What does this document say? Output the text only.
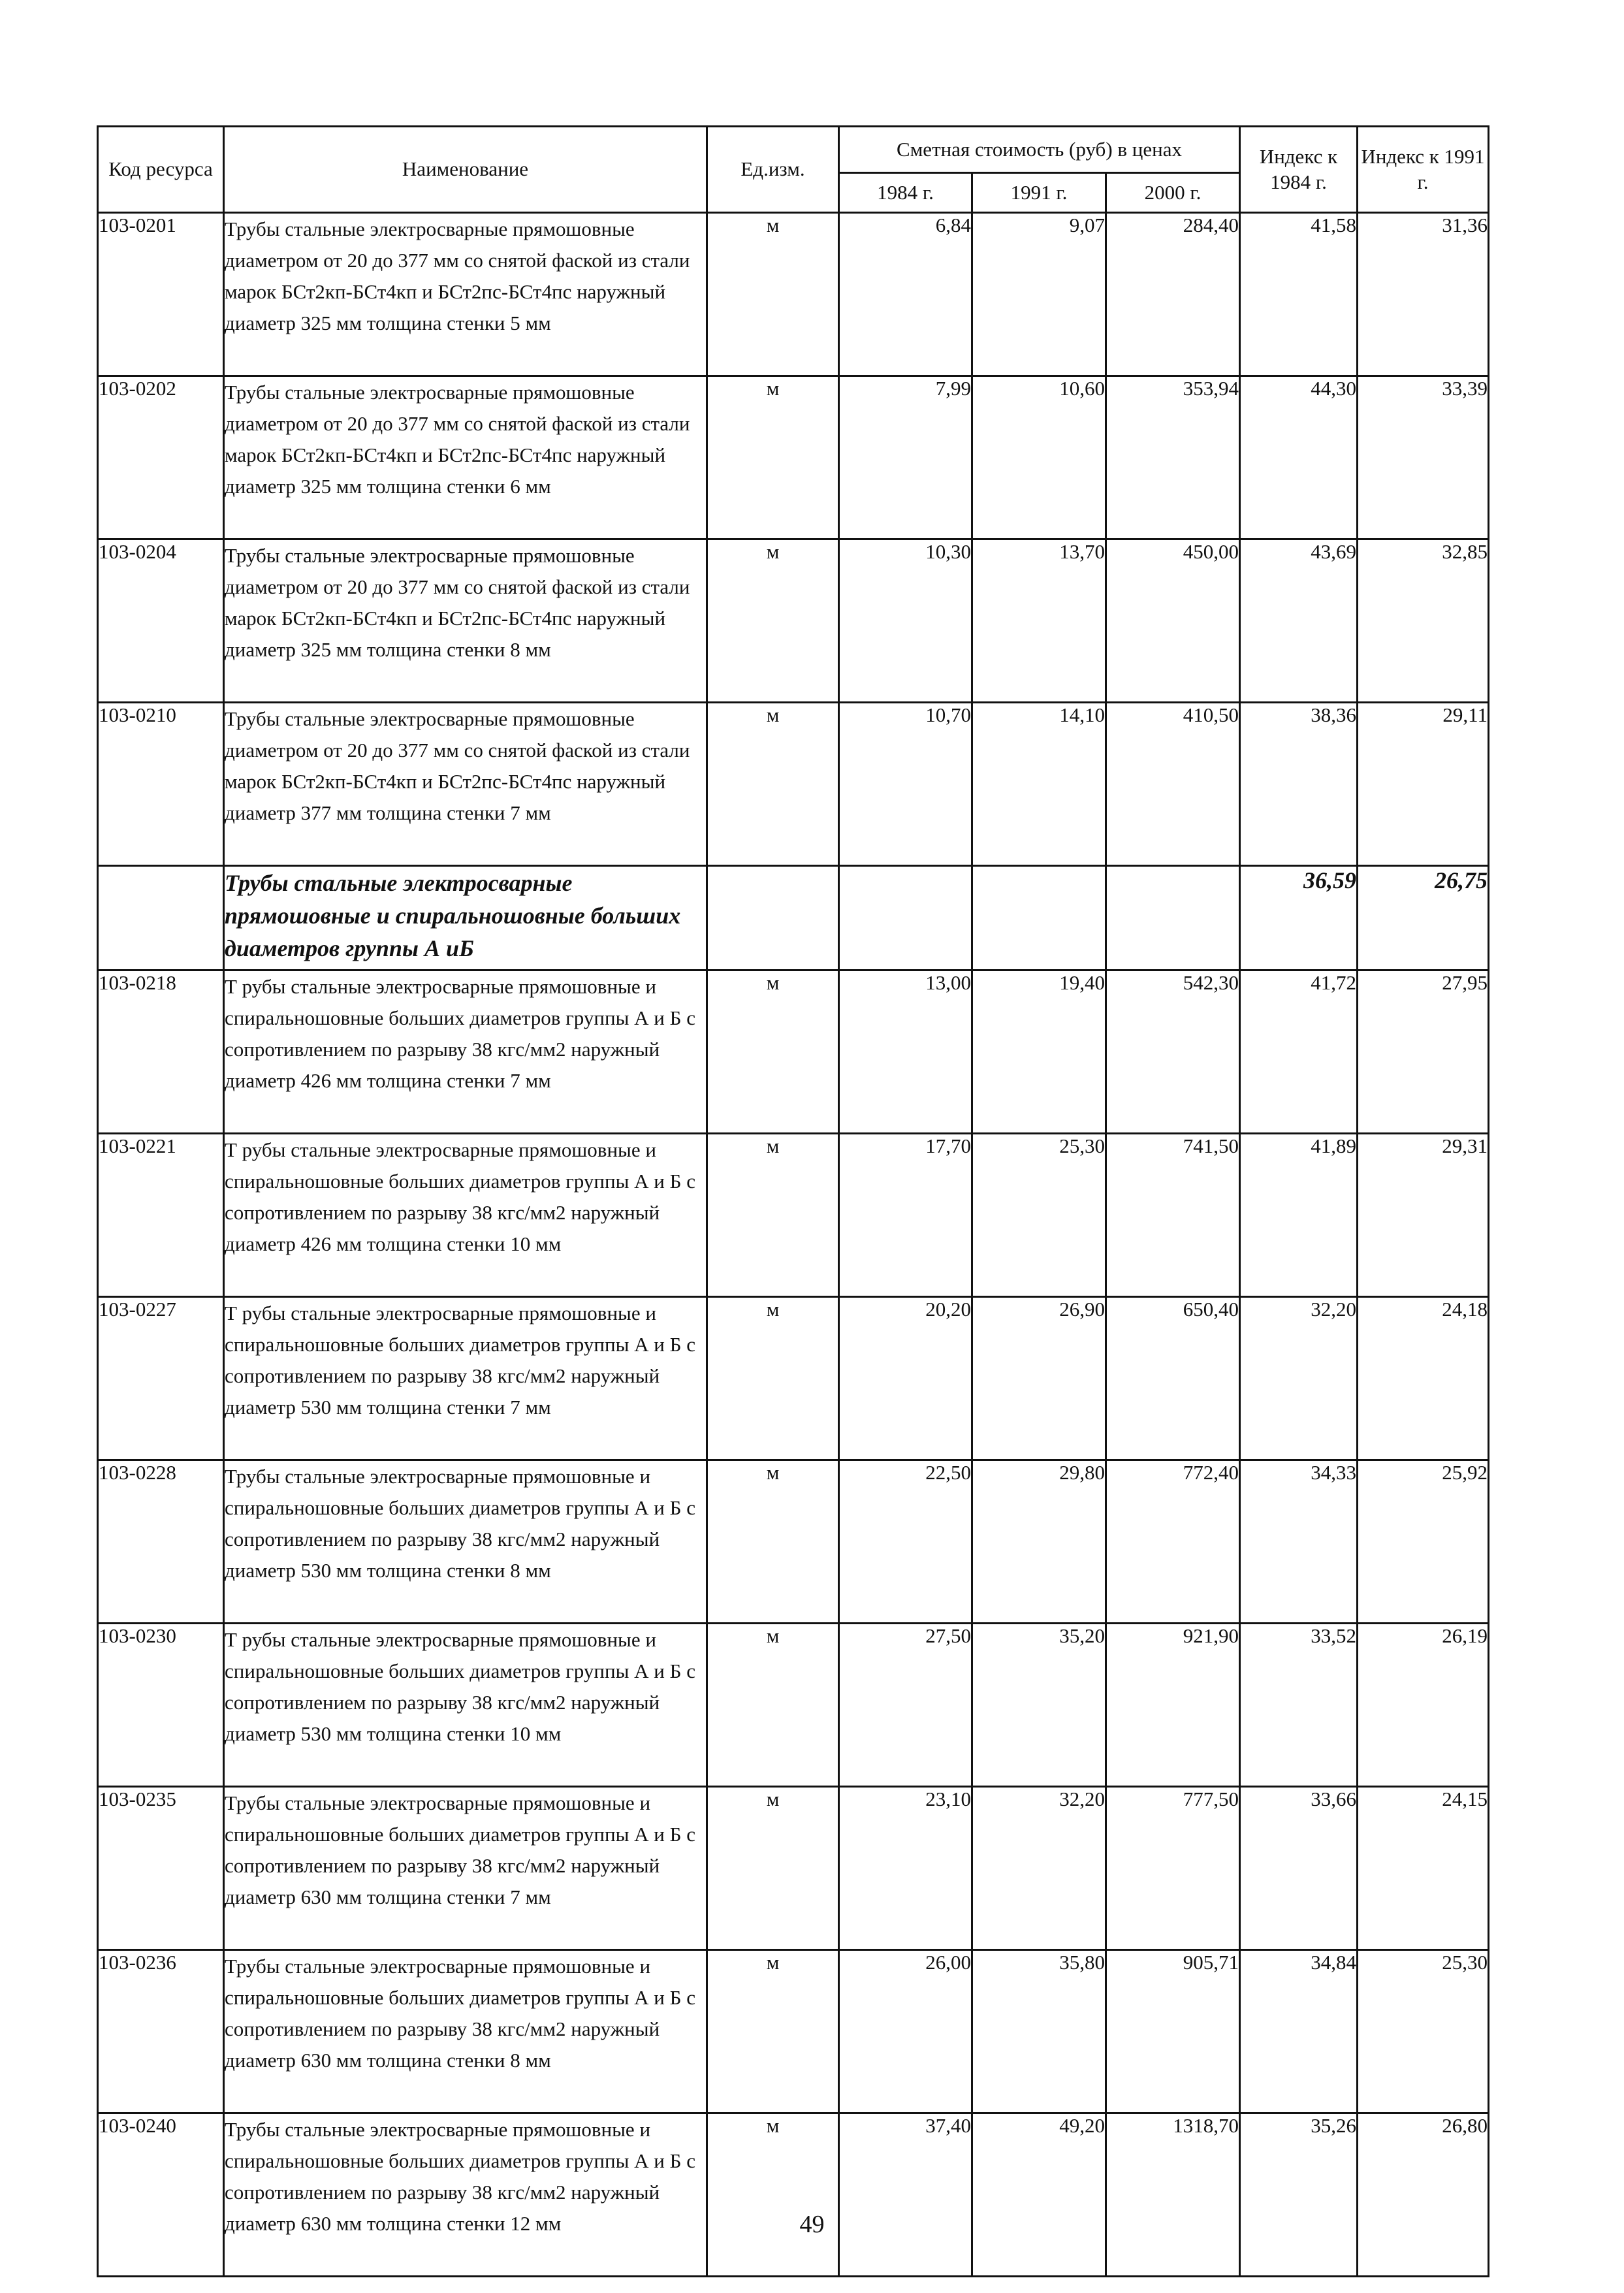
Код ресурса	Наименование	Ед.изм.	Сметная стоимость (руб) в ценах			Индекс к 1984 г.	Индекс к 1991 г.
			1984 г.	1991 г.	2000 г.		
103-0201	Трубы стальные электросварные прямошовные диаметром от 20 до 377 мм со снятой фаской из стали марок БСт2кп-БСт4кп и БСт2пс-БСт4пс наружный диаметр 325 мм толщина стенки 5 мм	м	6,84	9,07	284,40	41,58	31,36
103-0202	Трубы стальные электросварные прямошовные диаметром от 20 до 377 мм со снятой фаской из стали марок БСт2кп-БСт4кп и БСт2пс-БСт4пс наружный диаметр 325 мм толщина стенки 6 мм	м	7,99	10,60	353,94	44,30	33,39
103-0204	Трубы стальные электросварные прямошовные диаметром от 20 до 377 мм со снятой фаской из стали марок БСт2кп-БСт4кп и БСт2пс-БСт4пс наружный диаметр 325 мм толщина стенки 8 мм	м	10,30	13,70	450,00	43,69	32,85
103-0210	Трубы стальные электросварные прямошовные диаметром от 20 до 377 мм со снятой фаской из стали марок БСт2кп-БСт4кп и БСт2пс-БСт4пс наружный диаметр 377 мм толщина стенки 7 мм	м	10,70	14,10	410,50	38,36	29,11
	Трубы стальные электросварные прямошовные и спиральношовные больших диаметров группы А иБ					36,59	26,75
103-0218	Т рубы стальные электросварные прямошовные и спиральношовные больших диаметров группы А и Б с сопротивлением по разрыву 38 кгс/мм2 наружный диаметр 426 мм толщина стенки 7 мм	м	13,00	19,40	542,30	41,72	27,95
103-0221	Т рубы стальные электросварные прямошовные и спиральношовные больших диаметров группы А и Б с сопротивлением по разрыву 38 кгс/мм2 наружный диаметр 426 мм толщина стенки 10 мм	м	17,70	25,30	741,50	41,89	29,31
103-0227	Т рубы стальные электросварные прямошовные и спиральношовные больших диаметров группы А и Б с сопротивлением по разрыву 38 кгс/мм2 наружный диаметр 530 мм толщина стенки 7 мм	м	20,20	26,90	650,40	32,20	24,18
103-0228	Трубы стальные электросварные прямошовные и спиральношовные больших диаметров группы А и Б с сопротивлением по разрыву 38 кгс/мм2 наружный диаметр 530 мм толщина стенки 8 мм	м	22,50	29,80	772,40	34,33	25,92
103-0230	Т рубы стальные электросварные прямошовные и спиральношовные больших диаметров группы А и Б с сопротивлением по разрыву 38 кгс/мм2 наружный диаметр 530 мм толщина стенки 10 мм	м	27,50	35,20	921,90	33,52	26,19
103-0235	Трубы стальные электросварные прямошовные и спиральношовные больших диаметров группы А и Б с сопротивлением по разрыву 38 кгс/мм2 наружный диаметр 630 мм толщина стенки 7 мм	м	23,10	32,20	777,50	33,66	24,15
103-0236	Трубы стальные электросварные прямошовные и спиральношовные больших диаметров группы А и Б с сопротивлением по разрыву 38 кгс/мм2 наружный диаметр 630 мм толщина стенки 8 мм	м	26,00	35,80	905,71	34,84	25,30
103-0240	Трубы стальные электросварные прямошовные и спиральношовные больших диаметров группы А и Б с сопротивлением по разрыву 38 кгс/мм2 наружный диаметр 630 мм толщина стенки 12 мм	м	37,40	49,20	1318,70	35,26	26,80
49
